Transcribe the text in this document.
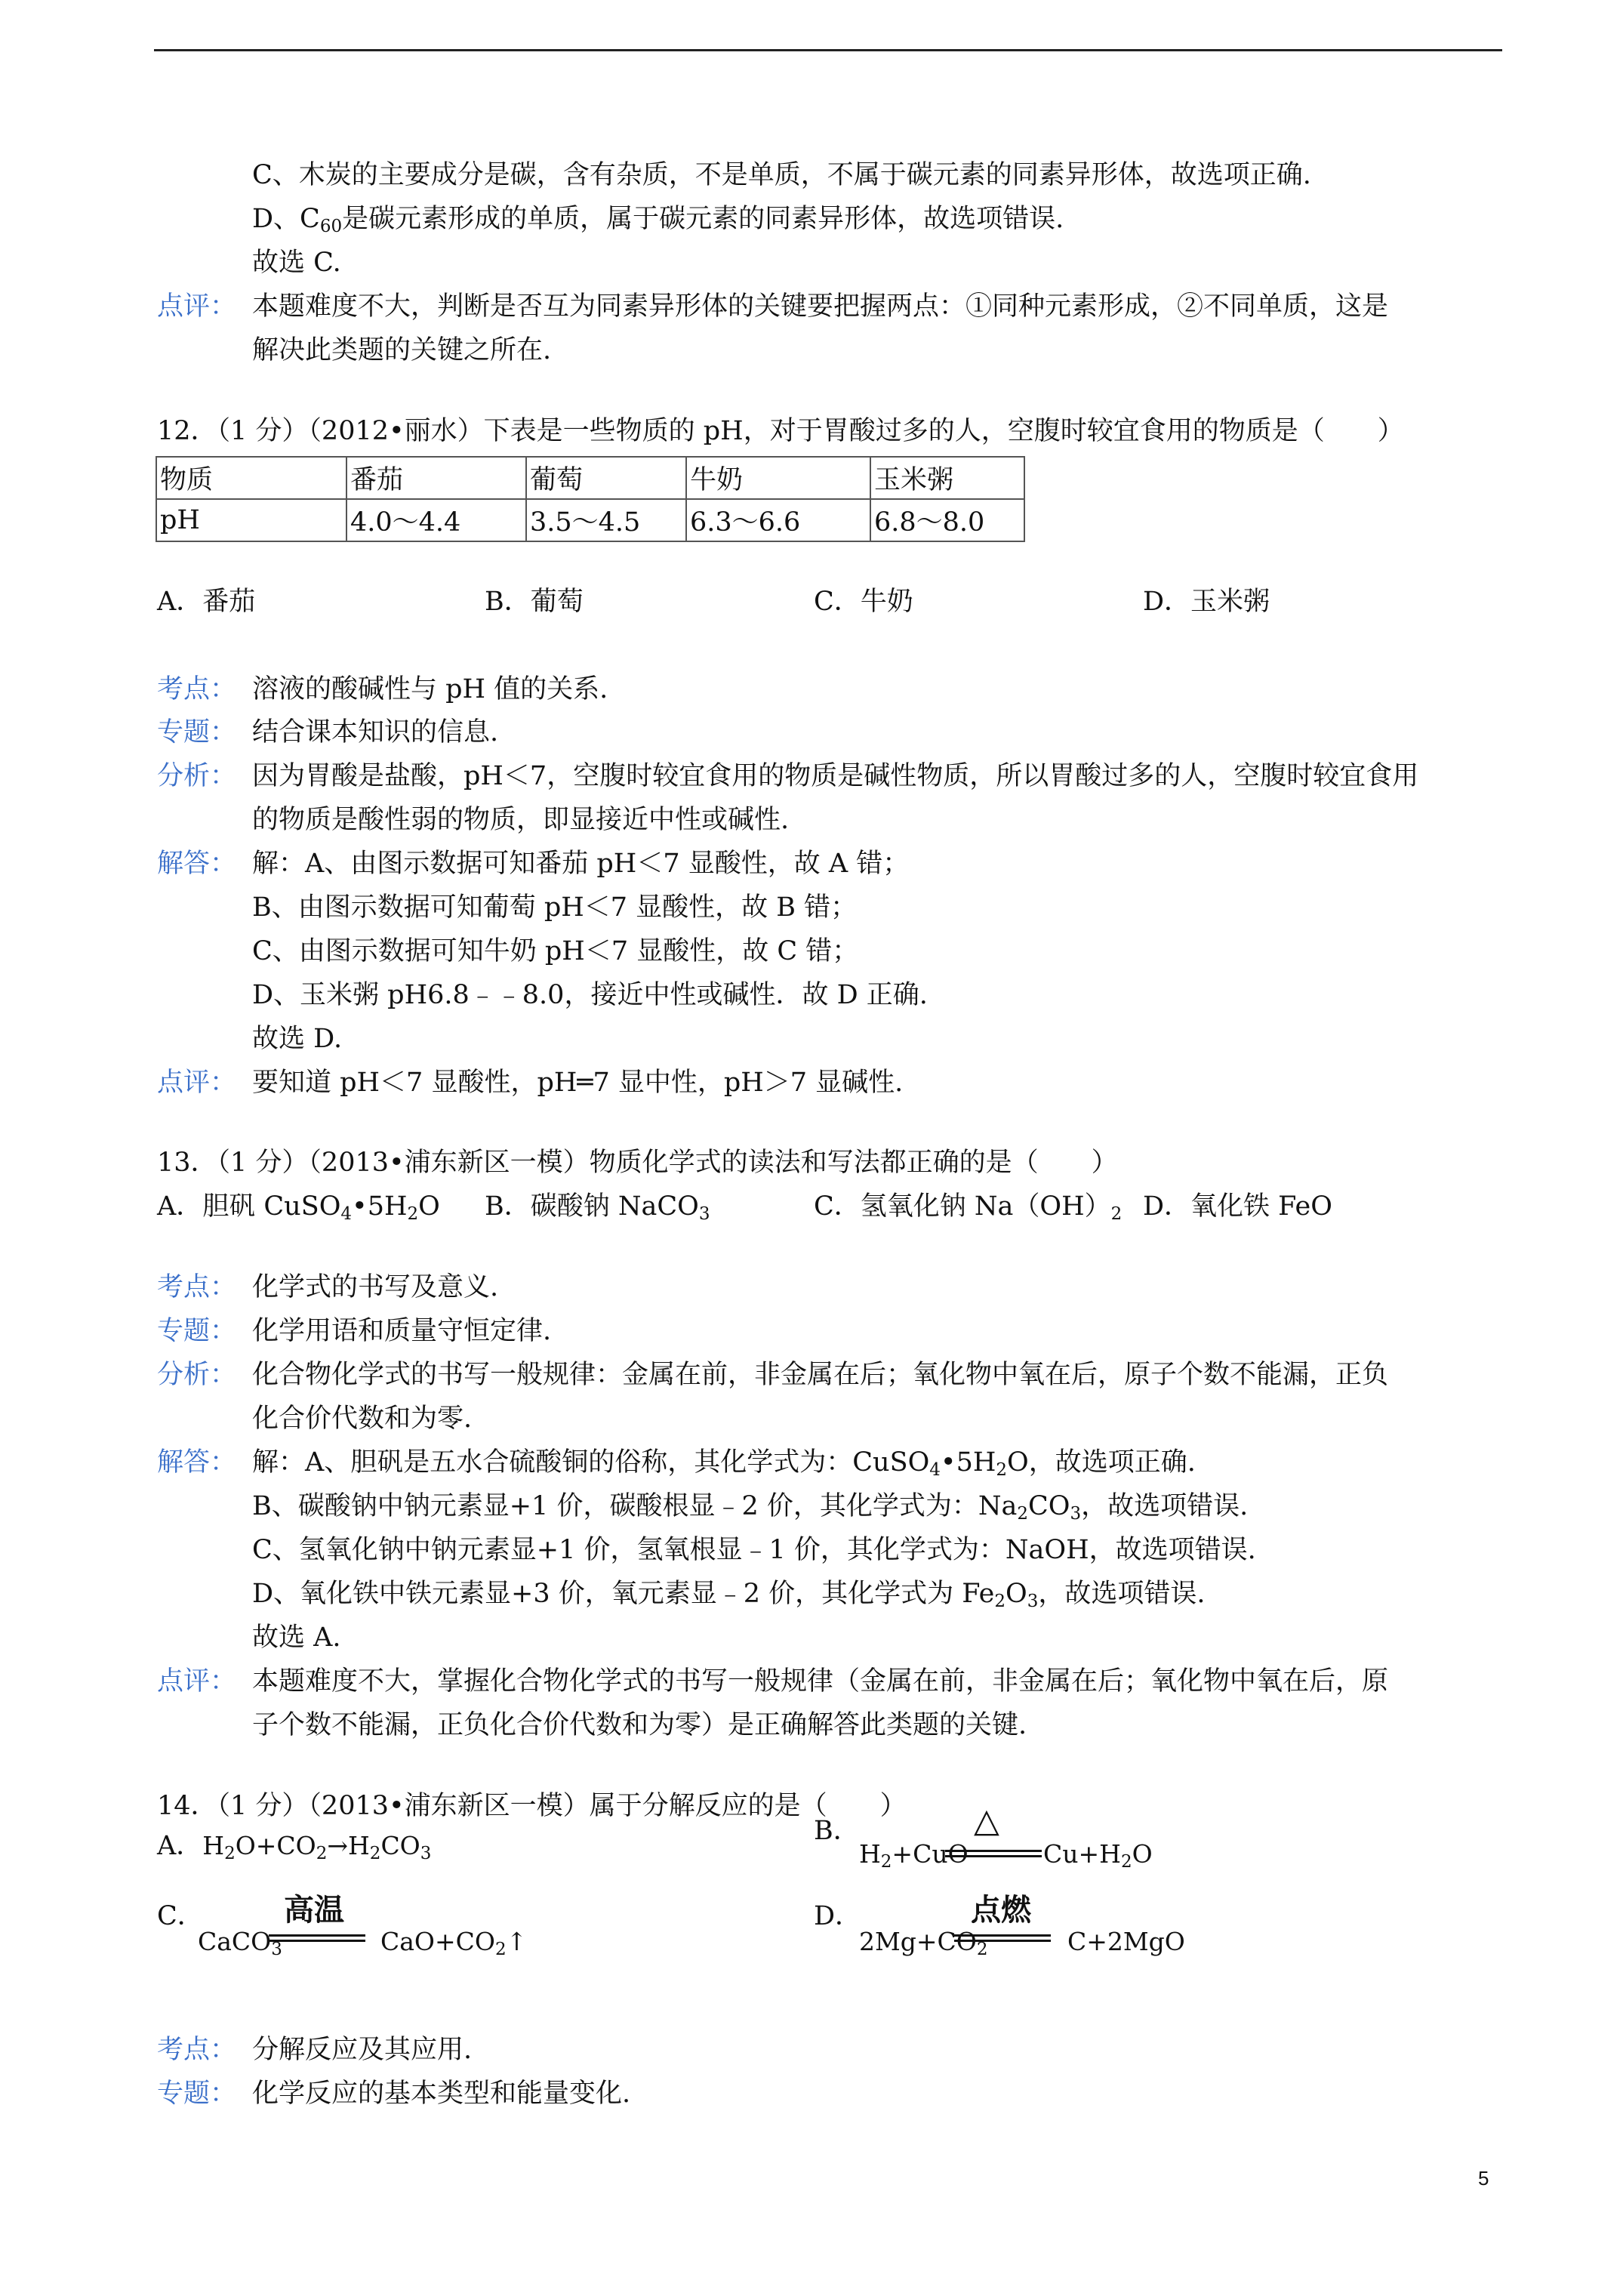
C、木炭的主要成分是碳，含有杂质，不是单质，不属于碳元素的同素异形体，故选项正确.
D、$C_{60}$是碳元素形成的单质，属于碳元素的同素异形体，故选项错误.
故选 C.
点评： 本题难度不大，判断是否互为同素异形体的关键要把握两点：①同种元素形成，②不同单质，这是
解决此类题的关键之所在.
12．（1 分）（2012•丽水）下表是一些物质的 pH，对于胃酸过多的人，空腹时较宜食用的物质是（　　）
物质	番茄	葡萄	牛奶	玉米粥
pH	4.0～4.4	3.5～4.5	6.3～6.6	6.8～8.0
A．番茄	B．葡萄	C．牛奶	D．玉米粥
考点： 溶液的酸碱性与 pH 值的关系.
专题： 结合课本知识的信息.
分析： 因为胃酸是盐酸，pH＜7，空腹时较宜食用的物质是碱性物质，所以胃酸过多的人，空腹时较宜食用
的物质是酸性弱的物质，即显接近中性或碱性.
解答： 解：A、由图示数据可知番茄 pH＜7 显酸性，故 A 错；
B、由图示数据可知葡萄 pH＜7 显酸性，故 B 错；
C、由图示数据可知牛奶 pH＜7 显酸性，故 C 错；
D、玉米粥 pH6.8﹣﹣8.0，接近中性或碱性．故 D 正确.
故选 D.
点评： 要知道 pH＜7 显酸性，pH═7 显中性，pH＞7 显碱性.
13．（1 分）（2013•浦东新区一模）物质化学式的读法和写法都正确的是（　　）
A．胆矾 $CuSO_4•5H_2O$ B．碳酸钠 NaCO$_3$	C．氢氧化钠 $Na(OH)_2$ D．氧化铁 FeO
考点： 化学式的书写及意义.
专题： 化学用语和质量守恒定律.
分析： 化合物化学式的书写一般规律：金属在前，非金属在后；氧化物中氧在后，原子个数不能漏，正负
化合价代数和为零.
解答： 解：A、胆矾是五水合硫酸铜的俗称，其化学式为：$CuSO_4•5H_2O$，故选项正确.
B、碳酸钠中钠元素显+1 价，碳酸根显﹣2 价，其化学式为：$Na_2CO_3$，故选项错误.
C、氢氧化钠中钠元素显+1 价，氢氧根显﹣1 价，其化学式为：NaOH，故选项错误.
D、氧化铁中铁元素显+3 价，氧元素显﹣2 价，其化学式为 $Fe_2O_3$，故选项错误.
故选 A.
点评： 本题难度不大，掌握化合物化学式的书写一般规律（金属在前，非金属在后；氧化物中氧在后，原
子个数不能漏，正负化合价代数和为零）是正确解答此类题的关键.
14．（1 分）（2013•浦东新区一模）属于分解反应的是（　　）
A．$H_2O+CO_2\to H_2CO_3$
B．
$H_2+CuO$
△
$Cu+H_2O$
C．
CaCO$_3$
高温
$CaO+CO_2↑$
D．
$2Mg+CO_2$
点燃
C+2MgO
考点： 分解反应及其应用.
专题： 化学反应的基本类型和能量变化.
5
